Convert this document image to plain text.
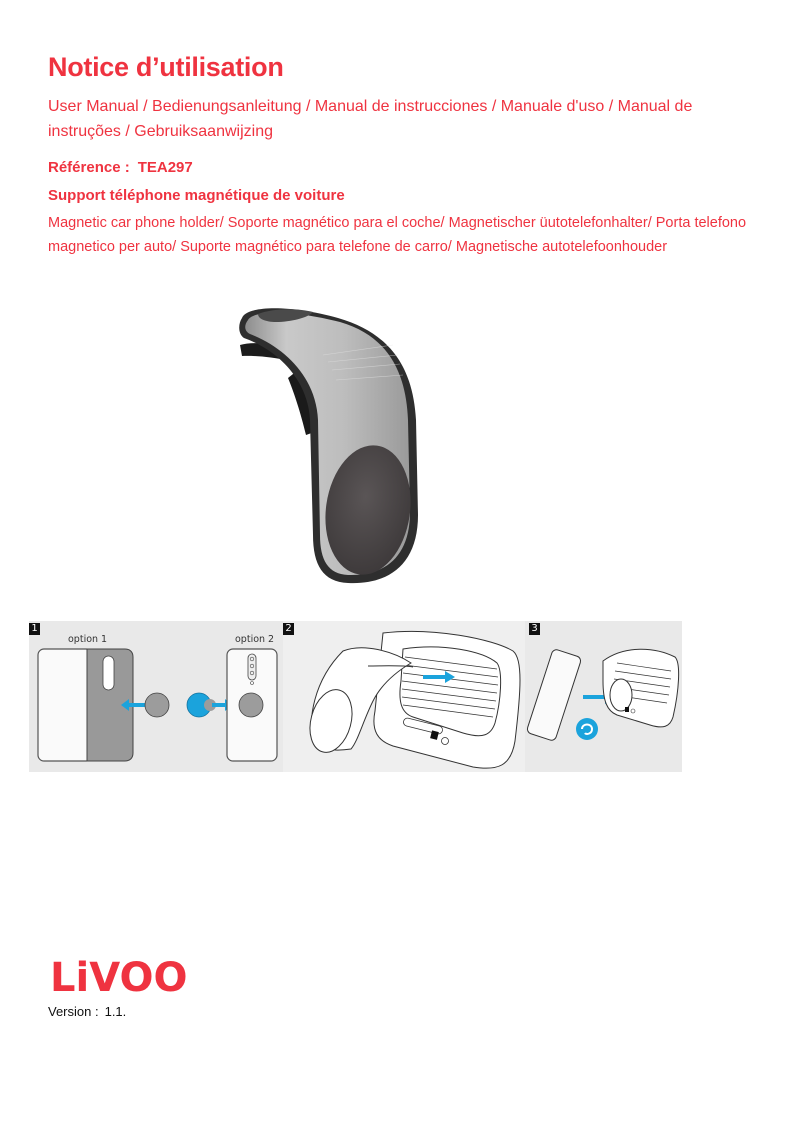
Notice d’utilisation
User Manual / Bedienungsanleitung / Manual de instrucciones / Manuale d'uso / Manual de instruções / Gebruiksaanwijzing
Référence : TEA297
Support téléphone magnétique de voiture
Magnetic car phone holder/ Soporte magnético para el coche/ Magnetischer üutotelefonhalter/ Porta telefono magnetico per auto/ Suporte magnético para telefone de carro/ Magnetische autotelefoonhouder
1
option 1	option 2
2	3
LiVOO
Version : 1.1.
